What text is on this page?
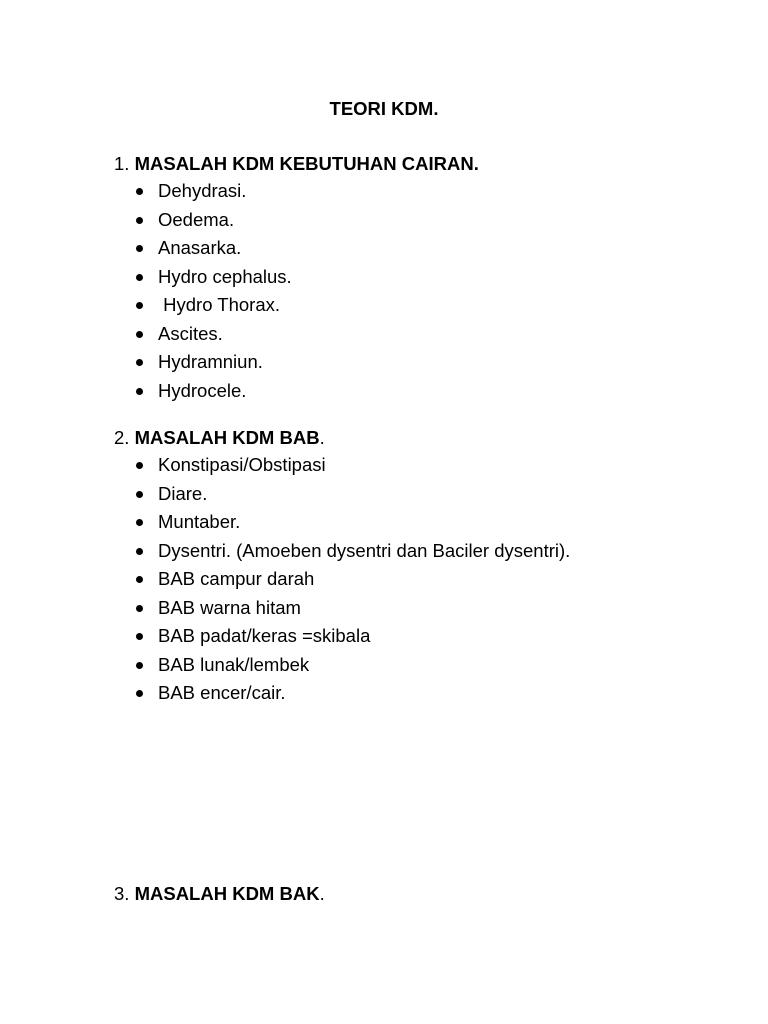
TEORI KDM.
1. MASALAH KDM KEBUTUHAN CAIRAN.
Dehydrasi.
Oedema.
Anasarka.
Hydro cephalus.
Hydro Thorax.
Ascites.
Hydramniun.
Hydrocele.
2. MASALAH KDM BAB.
Konstipasi/Obstipasi
Diare.
Muntaber.
Dysentri. (Amoeben dysentri dan Baciler dysentri).
BAB campur darah
BAB warna hitam
BAB padat/keras =skibala
BAB lunak/lembek
BAB encer/cair.
3. MASALAH KDM BAK.
